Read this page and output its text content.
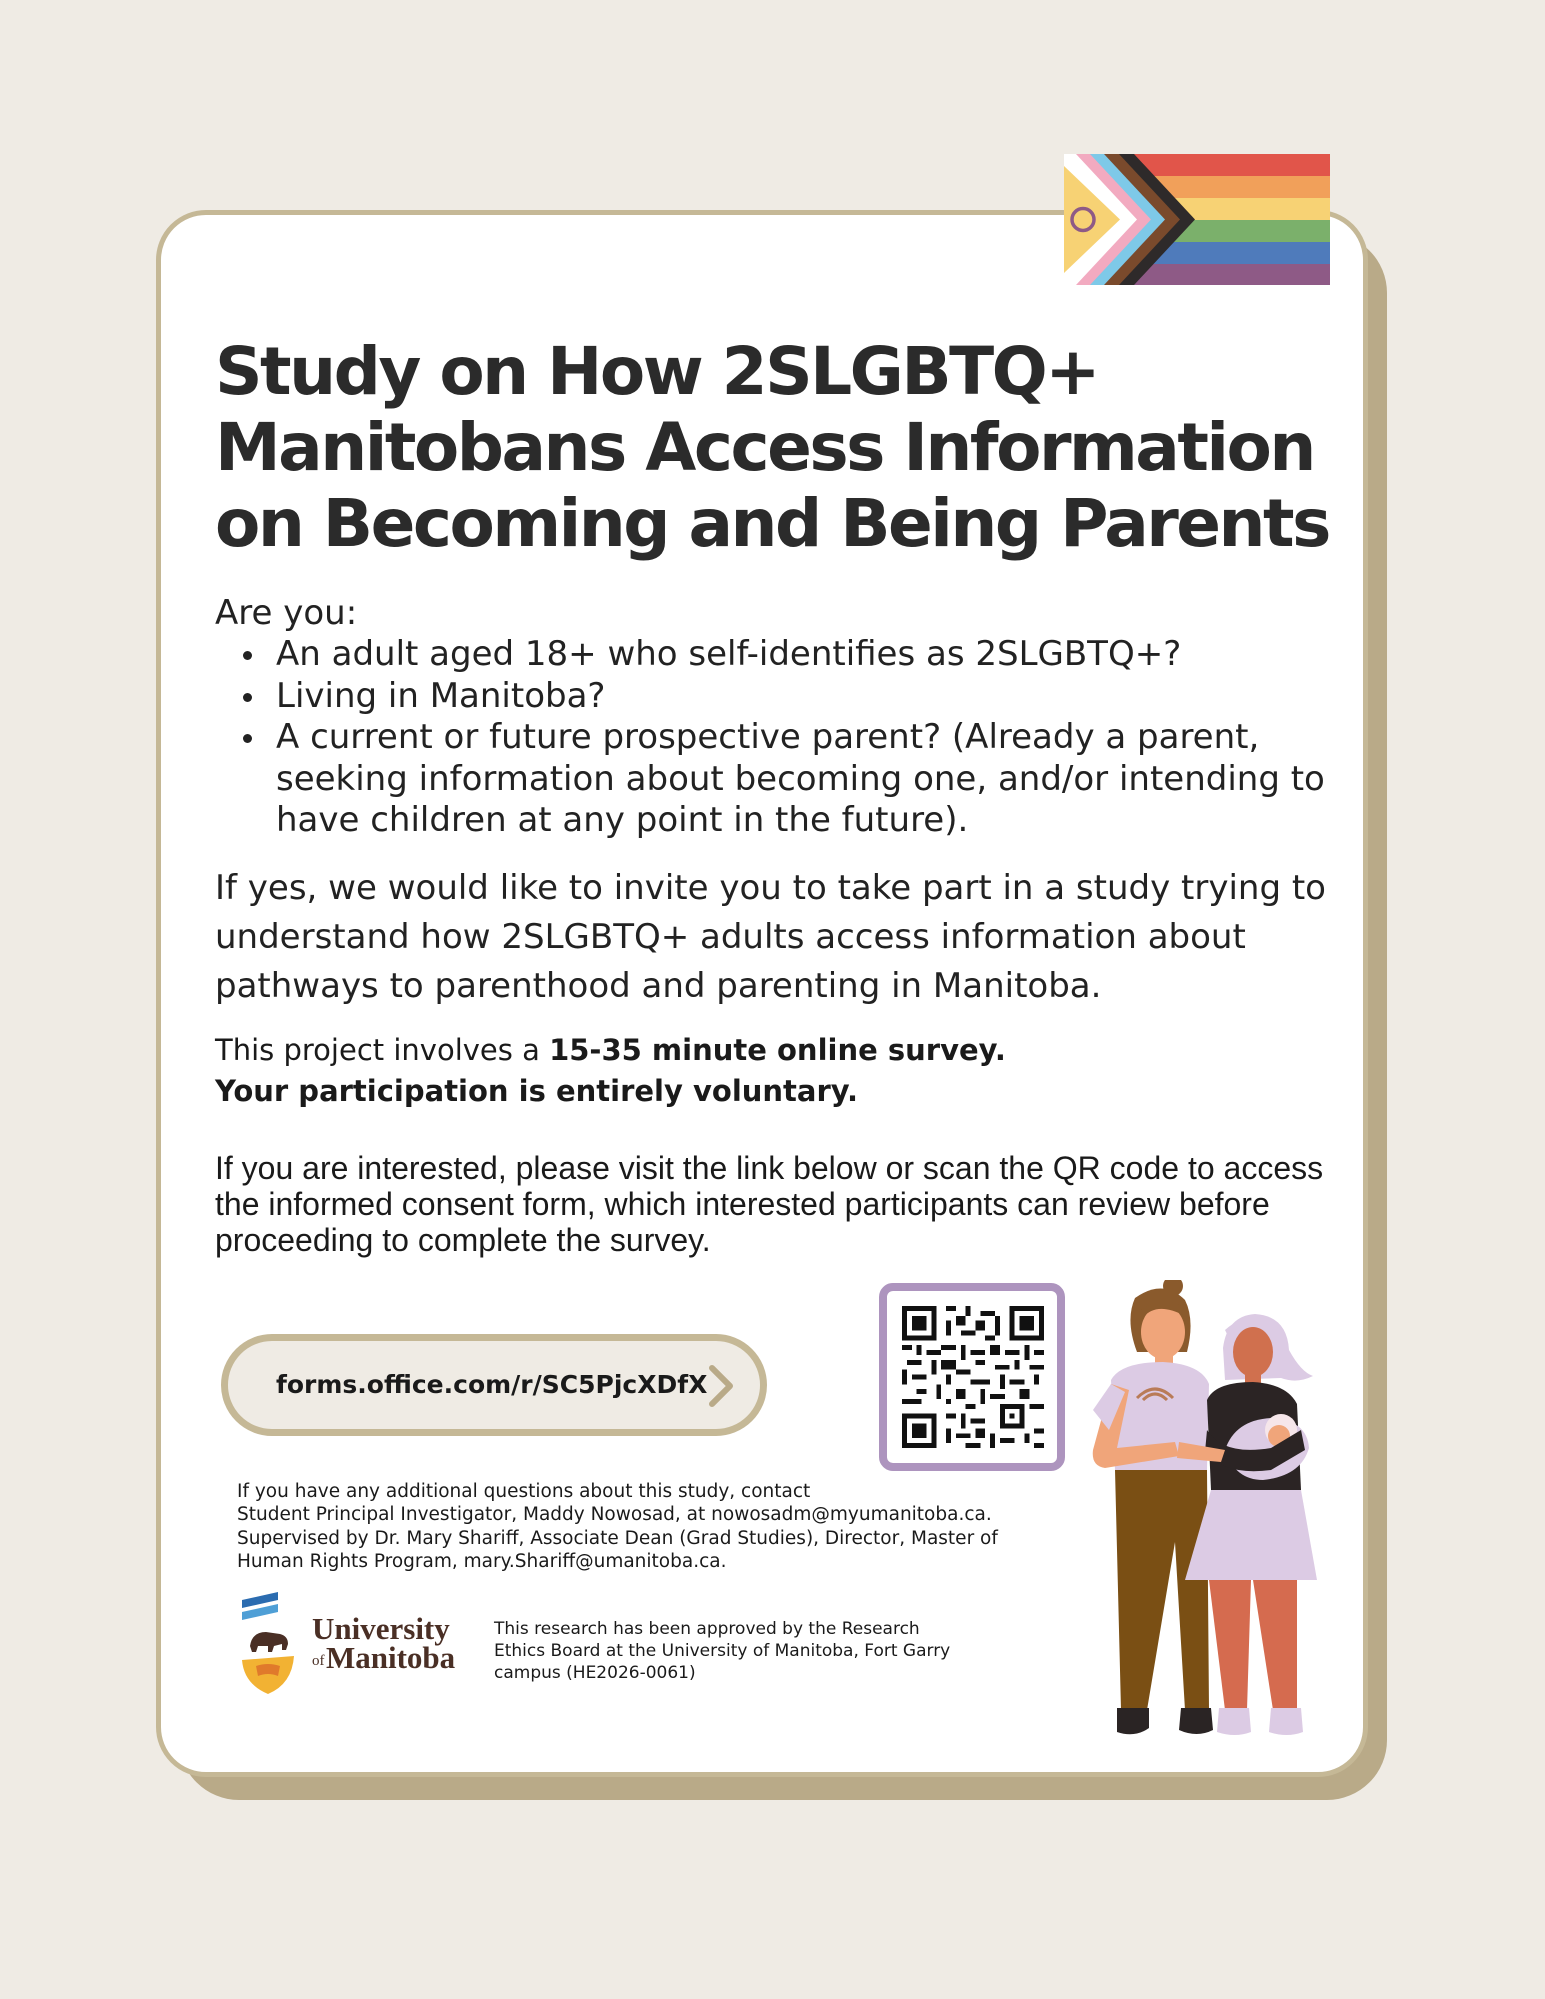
Study on How 2SLGBTQ+
Manitobans Access Information
on Becoming and Being Parents

Are you:

An adult aged 18+ who self-identifies as 2SLGBTQ+?
Living in Manitoba?
A current or future prospective parent? (Already a parent, seeking information about becoming one, and/or intending to have children at any point in the future).

If yes, we would like to invite you to take part in a study trying to understand how 2SLGBTQ+ adults access information about pathways to parenthood and parenting in Manitoba.

This project involves a 15-35 minute online survey.
Your participation is entirely voluntary.

If you are interested, please visit the link below or scan the QR code to access the informed consent form, which interested participants can review before proceeding to complete the survey.

forms.office.com/r/SC5PjcXDfX
If you have any additional questions about this study, contact
Student Principal Investigator, Maddy Nowosad, at nowosadm@myumanitoba.ca.
Supervised by Dr. Mary Shariff, Associate Dean (Grad Studies), Director, Master of
Human Rights Program, mary.Shariff@umanitoba.ca.
University
of Manitoba
This research has been approved by the Research
Ethics Board at the University of Manitoba, Fort Garry
campus (HE2026-0061)
